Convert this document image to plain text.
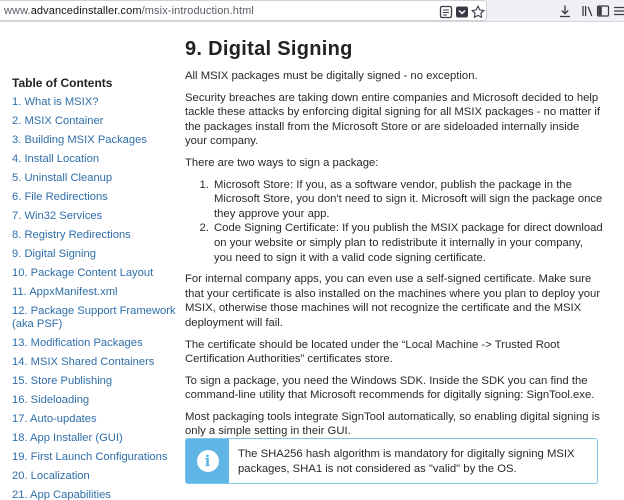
www.advancedinstaller.com/msix-introduction.html
Table of Contents
1. What is MSIX?
2. MSIX Container
3. Building MSIX Packages
4. Install Location
5. Uninstall Cleanup
6. File Redirections
7. Win32 Services
8. Registry Redirections
9. Digital Signing
10. Package Content Layout
11. AppxManifest.xml
12. Package Support Framework (aka PSF)
13. Modification Packages
14. MSIX Shared Containers
15. Store Publishing
16. Sideloading
17. Auto-updates
18. App Installer (GUI)
19. First Launch Configurations
20. Localization
21. App Capabilities
9. Digital Signing

All MSIX packages must be digitally signed - no exception.

Security breaches are taking down entire companies and Microsoft decided to help tackle these attacks by enforcing digital signing for all MSIX packages - no matter if the packages install from the Microsoft Store or are sideloaded internally inside your company.

There are two ways to sign a package:

1. Microsoft Store: If you, as a software vendor, publish the package in the Microsoft Store, you don't need to sign it. Microsoft will sign the package once they approve your app.
2. Code Signing Certificate: If you publish the MSIX package for direct download on your website or simply plan to redistribute it internally in your company, you need to sign it with a valid code signing certificate.

For internal company apps, you can even use a self-signed certificate. Make sure that your certificate is also installed on the machines where you plan to deploy your MSIX, otherwise those machines will not recognize the certificate and the MSIX deployment will fail.

The certificate should be located under the “Local Machine -> Trusted Root Certification Authorities” certificates store.

To sign a package, you need the Windows SDK. Inside the SDK you can find the command-line utility that Microsoft recommends for digitally signing: SignTool.exe.

Most packaging tools integrate SignTool automatically, so enabling digital signing is only a simple setting in their GUI.

i	The SHA256 hash algorithm is mandatory for digitally signing MSIX packages, SHA1 is not considered as "valid" by the OS.
